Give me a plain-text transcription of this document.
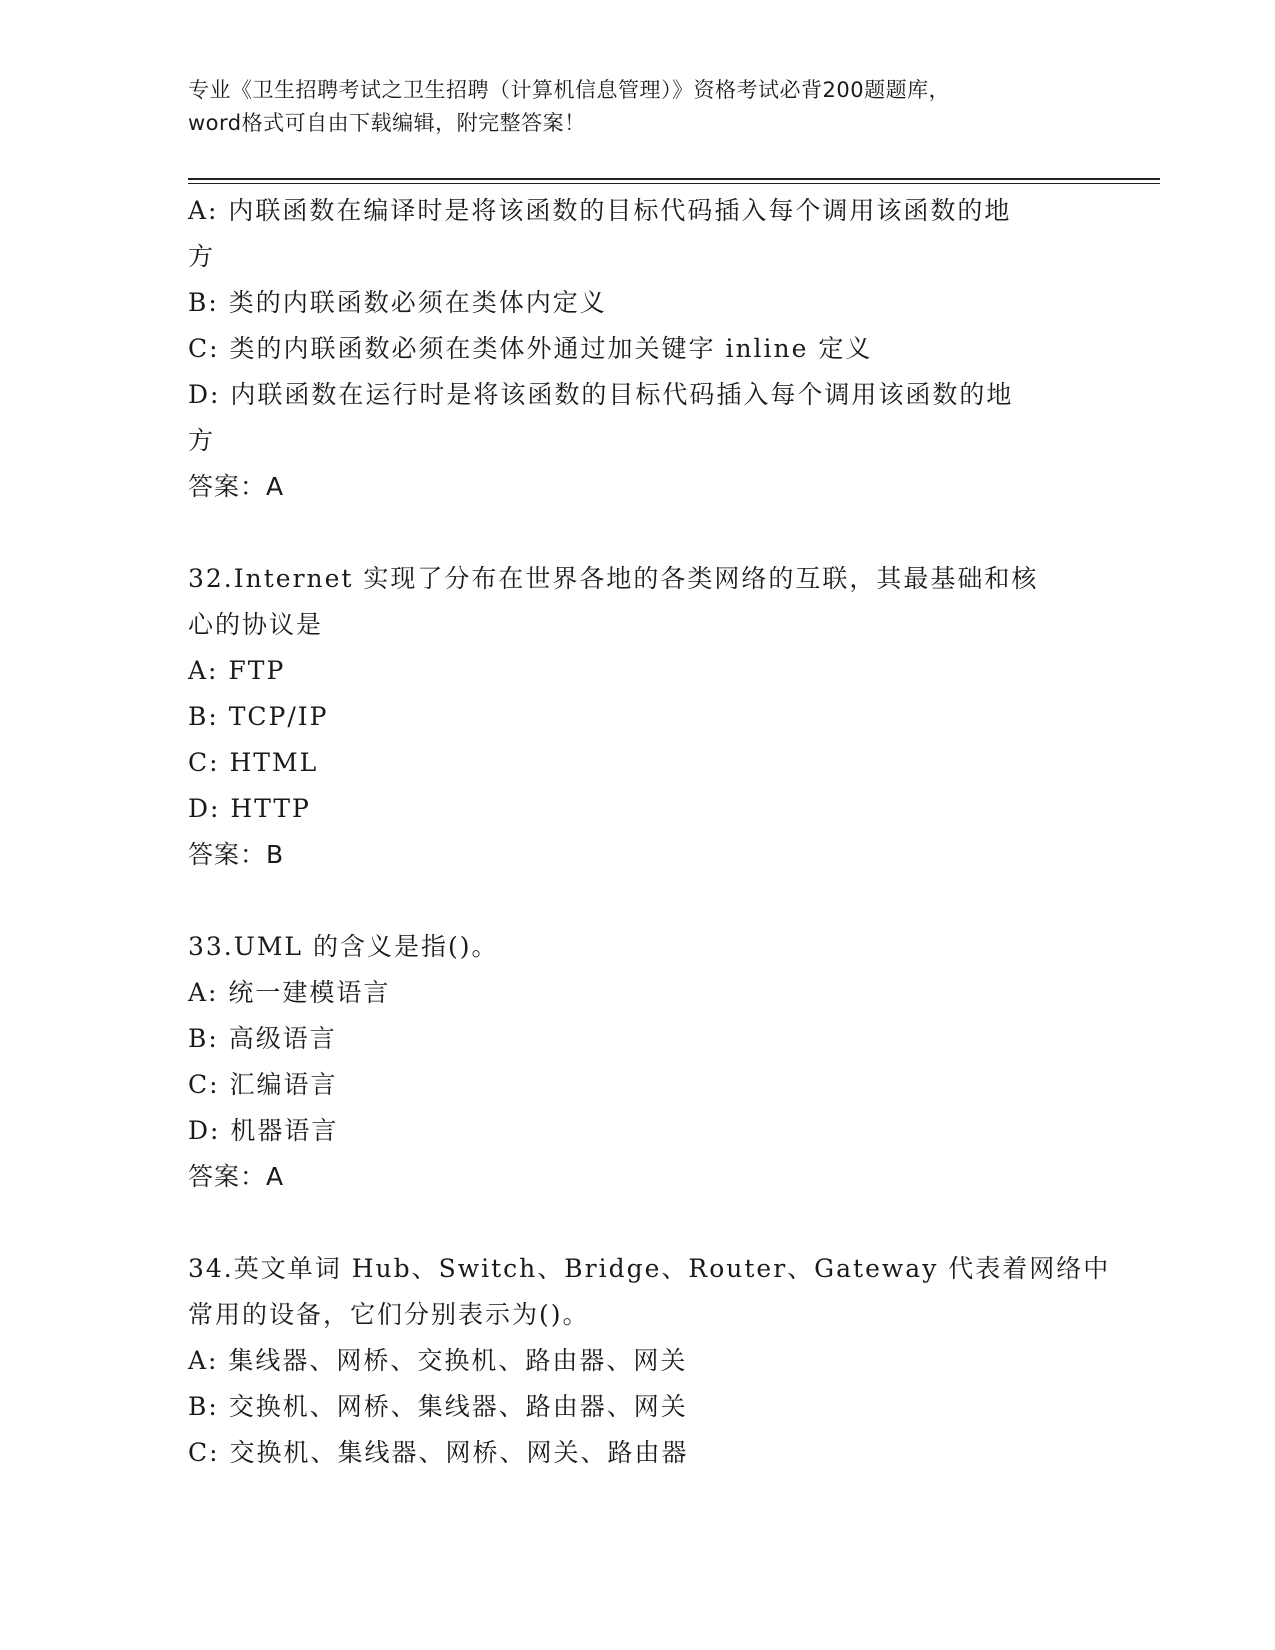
专业《卫生招聘考试之卫生招聘（计算机信息管理）》资格考试必背200题题库，
word格式可自由下载编辑，附完整答案！
A: 内联函数在编译时是将该函数的目标代码插入每个调用该函数的地
方
B: 类的内联函数必须在类体内定义
C: 类的内联函数必须在类体外通过加关键字 inline 定义
D: 内联函数在运行时是将该函数的目标代码插入每个调用该函数的地
方
答案：A
32.Internet 实现了分布在世界各地的各类网络的互联，其最基础和核
心的协议是
A: FTP
B: TCP/IP
C: HTML
D: HTTP
答案：B
33.UML 的含义是指()。
A: 统一建模语言
B: 高级语言
C: 汇编语言
D: 机器语言
答案：A
34.英文单词 Hub、Switch、Bridge、Router、Gateway 代表着网络中
常用的设备，它们分别表示为()。
A: 集线器、网桥、交换机、路由器、网关
B: 交换机、网桥、集线器、路由器、网关
C: 交换机、集线器、网桥、网关、路由器
